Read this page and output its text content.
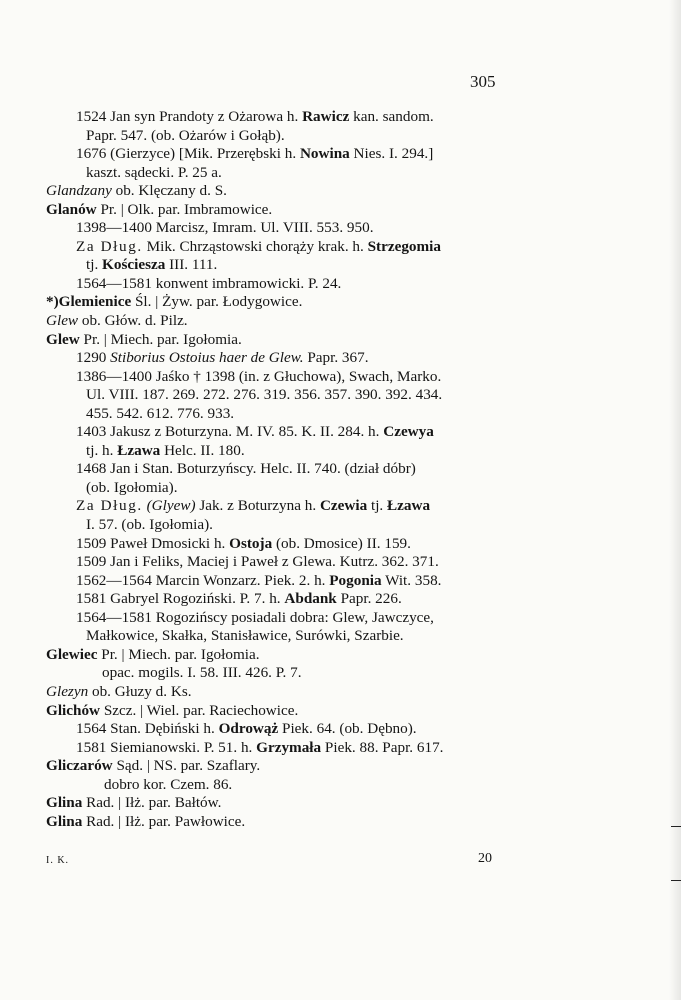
305
1524 Jan syn Prandoty z Ożarowa h. Rawicz kan. sandom.
Papr. 547. (ob. Ożarów i Gołąb).
1676 (Gierzyce) [Mik. Przerębski h. Nowina Nies. I. 294.]
kaszt. sądecki. P. 25 a.
Glandzany ob. Klęczany d. S.
Glanów Pr. | Olk. par. Imbramowice.
1398—1400 Marcisz, Imram. Ul. VIII. 553. 950.
Za Dług. Mik. Chrząstowski chorąży krak. h. Strzegomia
tj. Kościesza III. 111.
1564—1581 konwent imbramowicki. P. 24.
*)Glemienice Śl. | Żyw. par. Łodygowice.
Glew ob. Głów. d. Pilz.
Glew Pr. | Miech. par. Igołomia.
1290 Stiborius Ostoius haer de Glew. Papr. 367.
1386—1400 Jaśko † 1398 (in. z Głuchowa), Swach, Marko.
Ul. VIII. 187. 269. 272. 276. 319. 356. 357. 390. 392. 434.
455. 542. 612. 776. 933.
1403 Jakusz z Boturzyna. M. IV. 85. K. II. 284. h. Czewya
tj. h. Łzawa Helc. II. 180.
1468 Jan i Stan. Boturzyńscy. Helc. II. 740. (dział dóbr)
(ob. Igołomia).
Za Dług. (Glyew) Jak. z Boturzyna h. Czewia tj. Łzawa
I. 57. (ob. Igołomia).
1509 Paweł Dmosicki h. Ostoja (ob. Dmosice) II. 159.
1509 Jan i Feliks, Maciej i Paweł z Glewa. Kutrz. 362. 371.
1562—1564 Marcin Wonzarz. Piek. 2. h. Pogonia Wit. 358.
1581 Gabryel Rogoziński. P. 7. h. Abdank Papr. 226.
1564—1581 Rogozińscy posiadali dobra: Glew, Jawczyce,
Małkowice, Skałka, Stanisławice, Surówki, Szarbie.
Glewiec Pr. | Miech. par. Igołomia.
opac. mogils. I. 58. III. 426. P. 7.
Glezyn ob. Głuzy d. Ks.
Glichów Szcz. | Wiel. par. Raciechowice.
1564 Stan. Dębiński h. Odrowąż Piek. 64. (ob. Dębno).
1581 Siemianowski. P. 51. h. Grzymała Piek. 88. Papr. 617.
Gliczarów Sąd. | NS. par. Szaflary.
dobro kor. Czem. 86.
Glina Rad. | Iłż. par. Bałtów.
Glina Rad. | Iłż. par. Pawłowice.
I. K.	20
